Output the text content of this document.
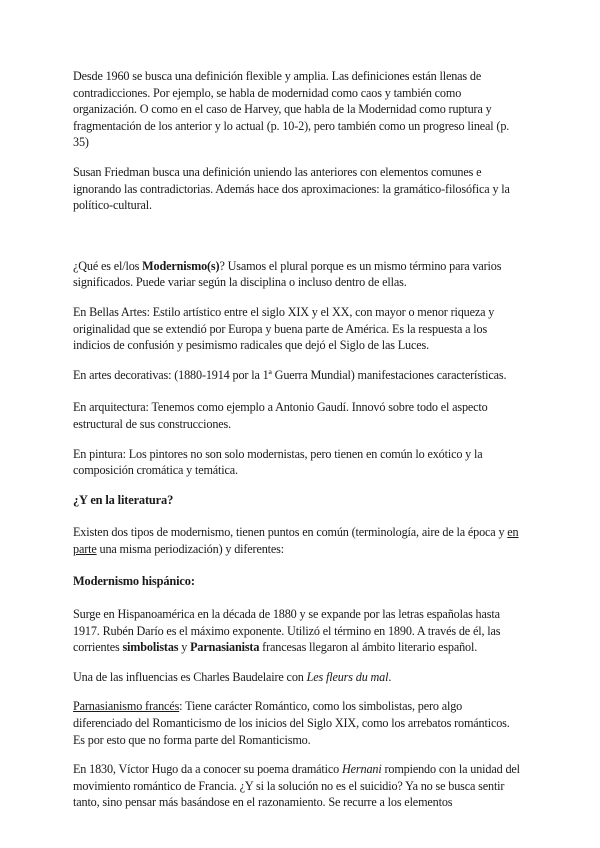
Desde 1960 se busca una definición flexible y amplia. Las definiciones están llenas de contradicciones. Por ejemplo, se habla de modernidad como caos y también como organización. O como en el caso de Harvey, que habla de la Modernidad como ruptura y fragmentación de los anterior y lo actual (p. 10-2), pero también como un progreso lineal (p. 35)

Susan Friedman busca una definición uniendo las anteriores con elementos comunes e ignorando las contradictorias. Además hace dos aproximaciones: la gramático-filosófica y la político-cultural.

¿Qué es el/los Modernismo(s)? Usamos el plural porque es un mismo término para varios significados. Puede variar según la disciplina o incluso dentro de ellas.

En Bellas Artes: Estilo artístico entre el siglo XIX y el XX, con mayor o menor riqueza y originalidad que se extendió por Europa y buena parte de América. Es la respuesta a los indicios de confusión y pesimismo radicales que dejó el Siglo de las Luces.

En artes decorativas: (1880-1914 por la 1ª Guerra Mundial) manifestaciones características.

En arquitectura: Tenemos como ejemplo a Antonio Gaudí. Innovó sobre todo el aspecto estructural de sus construcciones.

En pintura: Los pintores no son solo modernistas, pero tienen en común lo exótico y la composición cromática y temática.

¿Y en la literatura?

Existen dos tipos de modernismo, tienen puntos en común (terminología, aire de la época y en parte una misma periodización) y diferentes:

Modernismo hispánico:

Surge en Hispanoamérica en la década de 1880 y se expande por las letras españolas hasta 1917. Rubén Darío es el máximo exponente. Utilizó el término en 1890. A través de él, las corrientes simbolistas y Parnasianista francesas llegaron al ámbito literario español.

Una de las influencias es Charles Baudelaire con Les fleurs du mal.

Parnasianismo francés: Tiene carácter Romántico, como los simbolistas, pero algo diferenciado del Romanticismo de los inicios del Siglo XIX, como los arrebatos románticos. Es por esto que no forma parte del Romanticismo.

En 1830, Víctor Hugo da a conocer su poema dramático Hernani rompiendo con la unidad del movimiento romántico de Francia. ¿Y si la solución no es el suicidio? Ya no se busca sentir tanto, sino pensar más basándose en el razonamiento. Se recurre a los elementos
